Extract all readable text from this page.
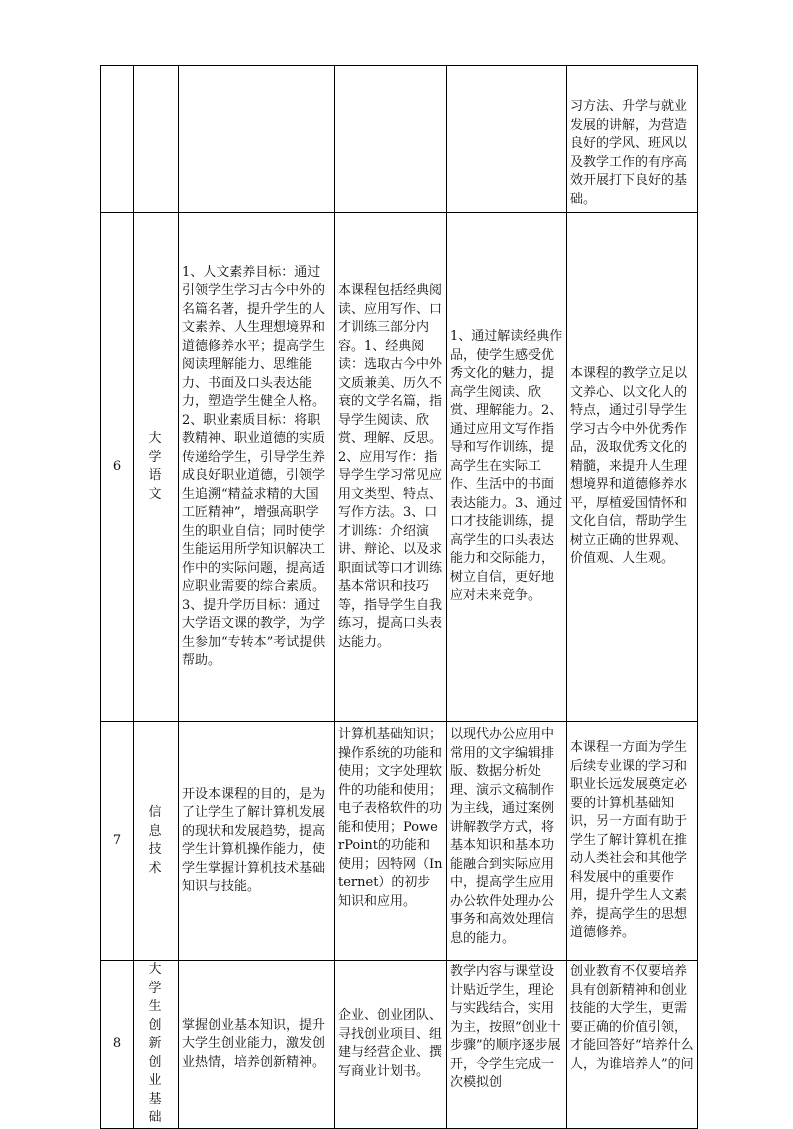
					习方法、升学与就业发展的讲解，为营造良好的学风、班风以及教学工作的有序高效开展打下良好的基础。

6	大学语文	1、人文素养目标：通过引领学生学习古今中外的名篇名著，提升学生的人文素养、人生理想境界和道德修养水平；提高学生阅读理解能力、思维能力、书面及口头表达能力，塑造学生健全人格。2、职业素质目标：将职教精神、职业道德的实质传递给学生，引导学生养成良好职业道德，引领学生追溯“精益求精的大国工匠精神”，增强高职学生的职业自信；同时使学生能运用所学知识解决工作中的实际问题，提高适应职业需要的综合素质。3、提升学历目标：通过大学语文课的教学，为学生参加“专转本”考试提供帮助。	本课程包括经典阅读、应用写作、口才训练三部分内容。1、经典阅读：选取古今中外文质兼美、历久不衰的文学名篇，指导学生阅读、欣赏、理解、反思。2、应用写作：指导学生学习常见应用文类型、特点、写作方法。3、口才训练：介绍演讲、辩论、以及求职面试等口才训练基本常识和技巧等，指导学生自我练习，提高口头表达能力。	1、通过解读经典作品，使学生感受优秀文化的魅力，提高学生阅读、欣赏、理解能力。2、通过应用文写作指导和写作训练，提高学生在实际工作、生活中的书面表达能力。3、通过口才技能训练，提高学生的口头表达能力和交际能力，树立自信，更好地应对未来竞争。	本课程的教学立足以文养心、以文化人的特点，通过引导学生学习古今中外优秀作品，汲取优秀文化的精髓，来提升人生理想境界和道德修养水平，厚植爱国情怀和文化自信，帮助学生树立正确的世界观、价值观、人生观。

7	信息技术	开设本课程的目的，是为了让学生了解计算机发展的现状和发展趋势，提高学生计算机操作能力，使学生掌握计算机技术基础知识与技能。	计算机基础知识；操作系统的功能和使用；文字处理软件的功能和使用；电子表格软件的功能和使用；PowerPoint的功能和使用；因特网（Internet）的初步知识和应用。	以现代办公应用中常用的文字编辑排版、数据分析处理、演示文稿制作为主线，通过案例讲解教学方式，将基本知识和基本功能融合到实际应用中，提高学生应用办公软件处理办公事务和高效处理信息的能力。	本课程一方面为学生后续专业课的学习和职业长远发展奠定必要的计算机基础知识，另一方面有助于学生了解计算机在推动人类社会和其他学科发展中的重要作用，提升学生人文素养，提高学生的思想道德修养。

8	大学生创新创业基础	掌握创业基本知识，提升大学生创业能力，激发创业热情，培养创新精神。	企业、创业团队、寻找创业项目、组建与经营企业、撰写商业计划书。	教学内容与课堂设计贴近学生，理论与实践结合，实用为主，按照“创业十步骤”的顺序逐步展开，令学生完成一次模拟创	创业教育不仅要培养具有创新精神和创业技能的大学生，更需要正确的价值引领，才能回答好“培养什么人，为谁培养人”的问
